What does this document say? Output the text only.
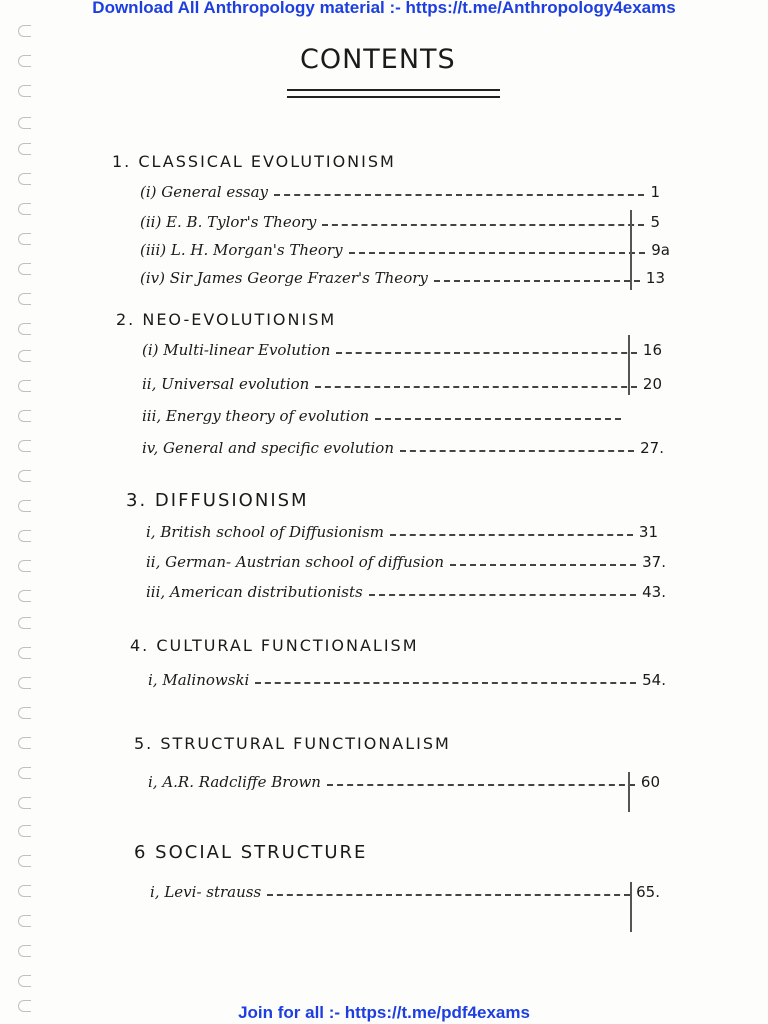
Download All Anthropology material :- https://t.me/Anthropology4exams
CONTENTS
1. CLASSICAL EVOLUTIONISM
(i) General essay	1
(ii) E. B. Tylor's Theory	5
(iii) L. H. Morgan's Theory	9a
(iv) Sir James George Frazer's Theory	13
2. NEO-EVOLUTIONISM
(i) Multi-linear Evolution	16
ii, Universal evolution	20
iii, Energy theory of evolution
iv, General and specific evolution	27.
3. DIFFUSIONISM
i, British school of Diffusionism	31
ii, German- Austrian school of diffusion	37.
iii, American distributionists	43.
4. CULTURAL FUNCTIONALISM
i, Malinowski	54.
5. STRUCTURAL FUNCTIONALISM
i, A.R. Radcliffe Brown	60
6 SOCIAL STRUCTURE
i, Levi- strauss	65.
Join for all :- https://t.me/pdf4exams
